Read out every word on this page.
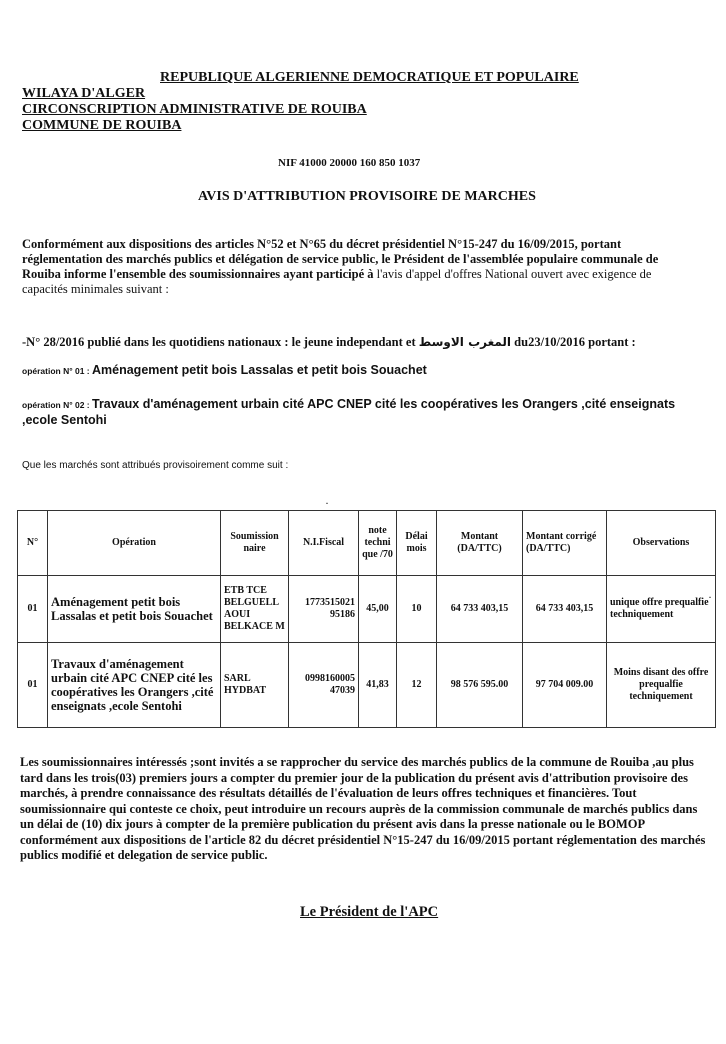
REPUBLIQUE ALGERIENNE DEMOCRATIQUE ET POPULAIRE
WILAYA D'ALGER
CIRCONSCRIPTION ADMINISTRATIVE DE ROUIBA
COMMUNE DE ROUIBA
NIF 41000 20000 160 850 1037
AVIS D'ATTRIBUTION PROVISOIRE DE MARCHES
Conformément aux dispositions des articles N°52 et N°65 du décret présidentiel N°15-247 du 16/09/2015, portant réglementation des marchés publics et délégation de service public, le Président de l'assemblée populaire communale de Rouiba informe l'ensemble des soumissionnaires ayant participé à l'avis d'appel d'offres National ouvert avec exigence de capacités minimales suivant :
-N° 28/2016 publié dans les quotidiens nationaux : le jeune independant et المغرب الاوسط du23/10/2016 portant :
opération N° 01 : Aménagement petit bois Lassalas et petit bois Souachet
opération N° 02 : Travaux d'aménagement urbain cité APC CNEP cité les coopératives les Orangers ,cité enseignats ,ecole Sentohi
Que les marchés sont attribués provisoirement comme suit :
N°	Opération	Soumission naire	N.I.Fiscal	note techni que /70	Délai mois	Montant (DA/TTC)	Montant corrigé (DA/TTC)	Observations
01	Aménagement petit bois Lassalas et petit bois Souachet	ETB TCE BELGUELL AOUI BELKACE M	1773515021 95186	45,00	10	64 733 403,15	64 733 403,15	unique offre prequalfie techniquement
01	Travaux d'aménagement urbain cité APC CNEP cité les coopératives les Orangers ,cité enseignats ,ecole Sentohi	SARL HYDBAT	0998160005 47039	41,83	12	98 576 595.00	97 704 009.00	Moins disant des offre prequalfie techniquement
Les soumissionnaires intéressés ;sont invités a se rapprocher du service des marchés publics de la commune de Rouiba ,au plus tard dans les trois(03) premiers jours a compter du premier jour de la publication du présent avis d'attribution provisoire des marchés, à prendre connaissance des résultats détaillés de l'évaluation de leurs offres techniques et financières. Tout soumissionnaire qui conteste ce choix, peut introduire un recours auprès de la commission communale de marchés publics dans un délai de (10) dix jours à compter de la première publication du présent avis dans la presse nationale ou le BOMOP conformément aux dispositions de l'article 82 du décret présidentiel N°15-247 du 16/09/2015 portant réglementation des marchés publics modifié et delegation de service public.
Le Président de l'APC
·
·
